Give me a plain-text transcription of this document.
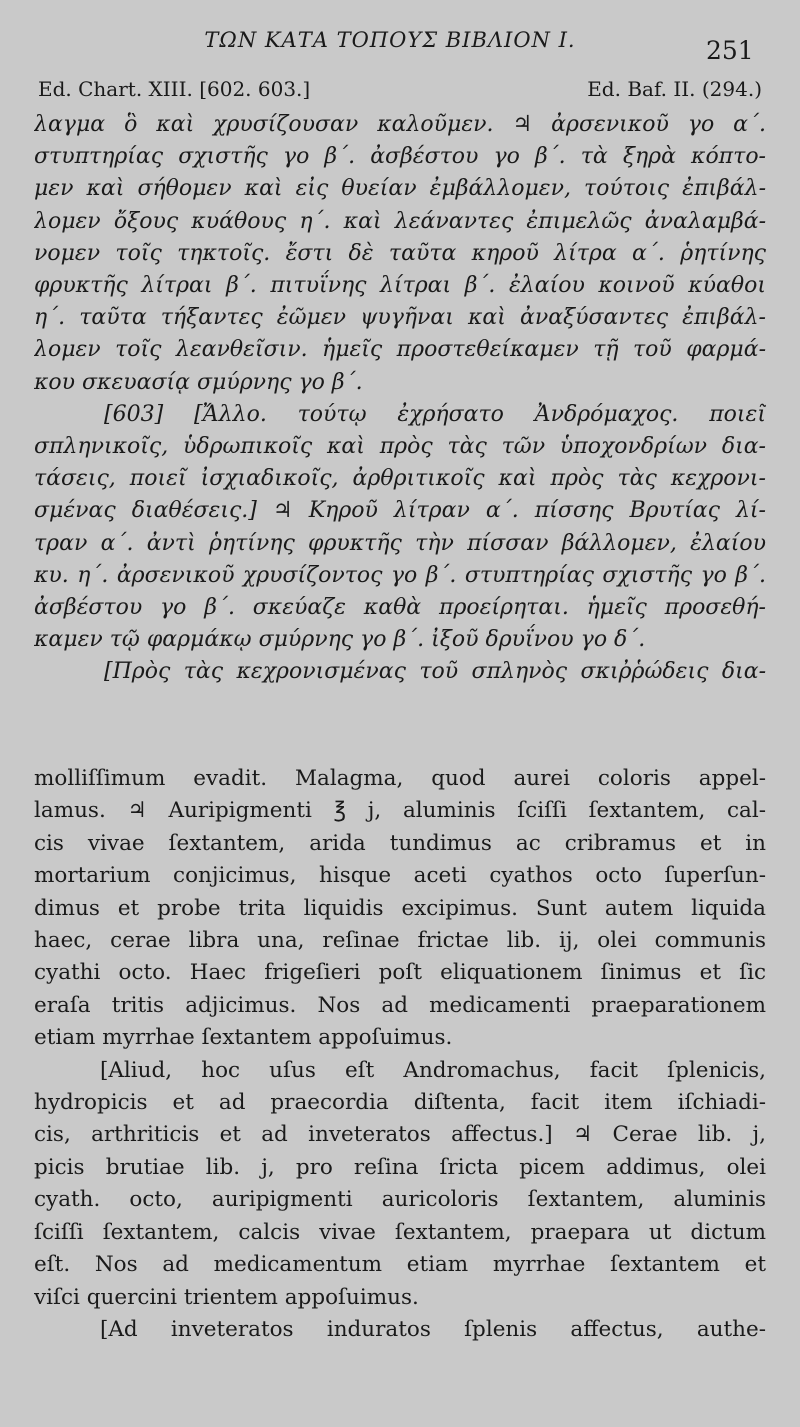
ΤΩΝ ΚΑΤΑ ΤΟΠΟΥΣ ΒΙΒΛΙΟΝ Ι.	251
Ed. Chart. XIII. [602. 603.]	Ed. Baf. II. (294.)
λαγμα ὃ καὶ χρυσίζουσαν καλοῦμεν. ♃ ἀρσενικοῦ γο α΄.
στυπτηρίας σχιστῆς γο β΄. ἀσβέστου γο β΄. τὰ ξηρὰ κόπτο-
μεν καὶ σήθομεν καὶ εἰς θυείαν ἐμβάλλομεν, τούτοις ἐπιβάλ-
λομεν ὄξους κυάθους η΄. καὶ λεάναντες ἐπιμελῶς ἀναλαμβά-
νομεν τοῖς τηκτοῖς. ἔστι δὲ ταῦτα κηροῦ λίτρα α΄. ῥητίνης
φρυκτῆς λίτραι β΄. πιτυΐνης λίτραι β΄. ἐλαίου κοινοῦ κύαθοι
η΄. ταῦτα τήξαντες ἐῶμεν ψυγῆναι καὶ ἀναξύσαντες ἐπιβάλ-
λομεν τοῖς λεανθεῖσιν. ἡμεῖς προστεθείκαμεν τῇ τοῦ φαρμά-
κου σκευασίᾳ σμύρνης γο β΄.
[603] [Ἄλλο. τούτῳ ἐχρήσατο Ἀνδρόμαχος. ποιεῖ
σπληνικοῖς, ὑδρωπικοῖς καὶ πρὸς τὰς τῶν ὑποχονδρίων δια-
τάσεις, ποιεῖ ἰσχιαδικοῖς, ἀρθριτικοῖς καὶ πρὸς τὰς κεχρονι-
σμένας διαθέσεις.] ♃ Κηροῦ λίτραν α΄. πίσσης Βρυτίας λί-
τραν α΄. ἀντὶ ῥητίνης φρυκτῆς τὴν πίσσαν βάλλομεν, ἐλαίου
κυ. η΄. ἀρσενικοῦ χρυσίζοντος γο β΄. στυπτηρίας σχιστῆς γο β΄.
ἀσβέστου γο β΄. σκεύαζε καθὰ προείρηται. ἡμεῖς προσεθή-
καμεν τῷ φαρμάκῳ σμύρνης γο β΄. ἰξοῦ δρυΐνου γο δ΄.
[Πρὸς τὰς κεχρονισμένας τοῦ σπληνὸς σκιῤῥώδεις δια-
molliſſimum evadit. Malagma, quod aurei coloris appel-
lamus. ♃ Auripigmenti ℥ j, aluminis ſciſſi ſextantem, cal-
cis vivae ſextantem, arida tundimus ac cribramus et in
mortarium conjicimus, hisque aceti cyathos octo ſuperſun-
dimus et probe trita liquidis excipimus. Sunt autem liquida
haec, cerae libra una, reſinae frictae lib. ij, olei communis
cyathi octo. Haec frigeſieri poſt eliquationem ſinimus et ſic
eraſa tritis adjicimus. Nos ad medicamenti praeparationem
etiam myrrhae ſextantem appoſuimus.
[Aliud, hoc uſus eſt Andromachus, facit ſplenicis,
hydropicis et ad praecordia diſtenta, facit item iſchiadi-
cis, arthriticis et ad inveteratos affectus.] ♃ Cerae lib. j,
picis brutiae lib. j, pro reſina ſricta picem addimus, olei
cyath. octo, auripigmenti auricoloris ſextantem, aluminis
ſciſſi ſextantem, calcis vivae ſextantem, praepara ut dictum
eſt. Nos ad medicamentum etiam myrrhae ſextantem et
viſci quercini trientem appoſuimus.
[Ad inveteratos induratos ſplenis affectus, authe-
